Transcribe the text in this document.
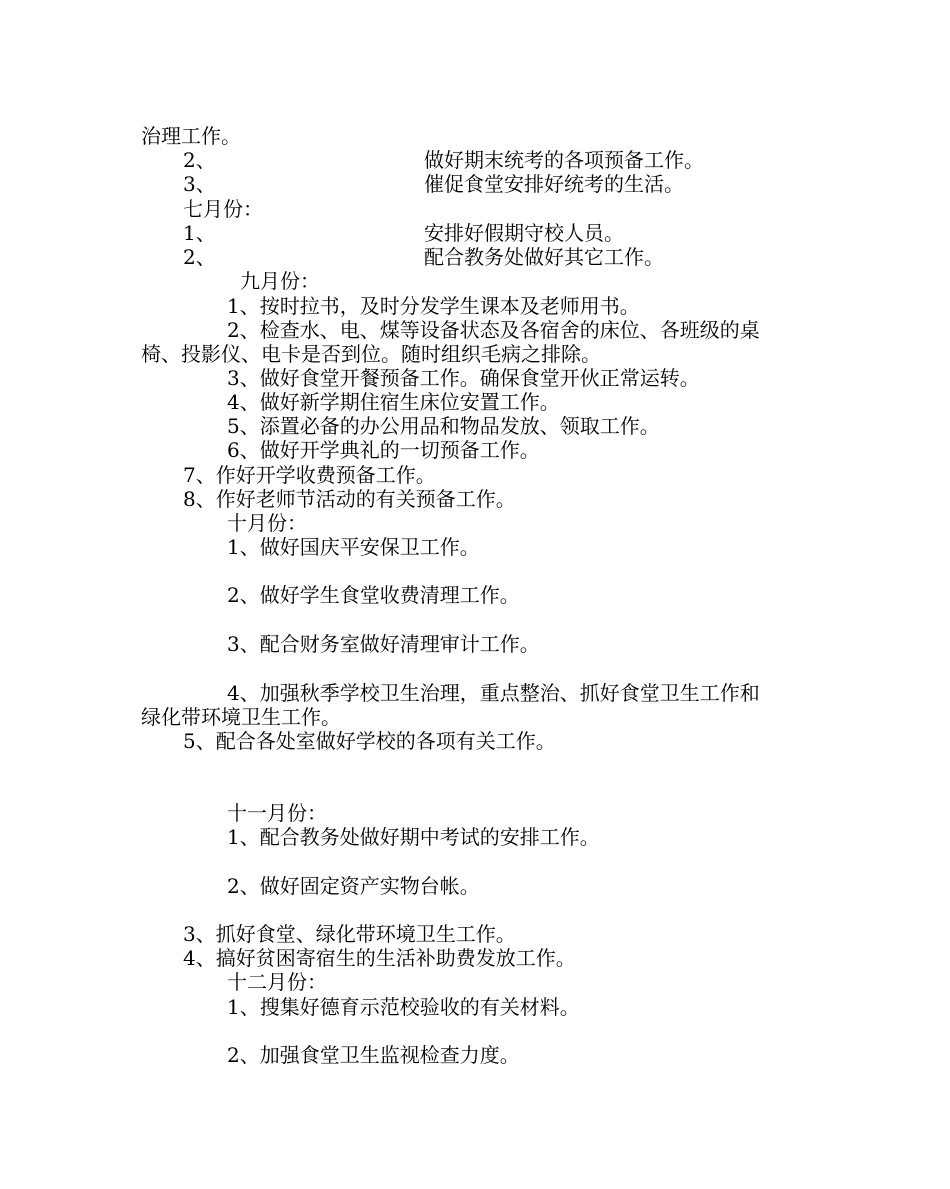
治理工作。
2、	做好期末统考的各项预备工作。
3、	催促食堂安排好统考的生活。
七月份：
1、	安排好假期守校人员。
2、	配合教务处做好其它工作。
九月份：
1、按时拉书，及时分发学生课本及老师用书。
2、检查水、电、煤等设备状态及各宿舍的床位、各班级的桌
椅、投影仪、电卡是否到位。随时组织毛病之排除。
3、做好食堂开餐预备工作。确保食堂开伙正常运转。
4、做好新学期住宿生床位安置工作。
5、添置必备的办公用品和物品发放、领取工作。
6、做好开学典礼的一切预备工作。
7、作好开学收费预备工作。
8、作好老师节活动的有关预备工作。
十月份：
1、做好国庆平安保卫工作。
2、做好学生食堂收费清理工作。
3、配合财务室做好清理审计工作。
4、加强秋季学校卫生治理，重点整治、抓好食堂卫生工作和
绿化带环境卫生工作。
5、配合各处室做好学校的各项有关工作。
十一月份：
1、配合教务处做好期中考试的安排工作。
2、做好固定资产实物台帐。
3、抓好食堂、绿化带环境卫生工作。
4、搞好贫困寄宿生的生活补助费发放工作。
十二月份：
1、搜集好德育示范校验收的有关材料。
2、加强食堂卫生监视检查力度。
